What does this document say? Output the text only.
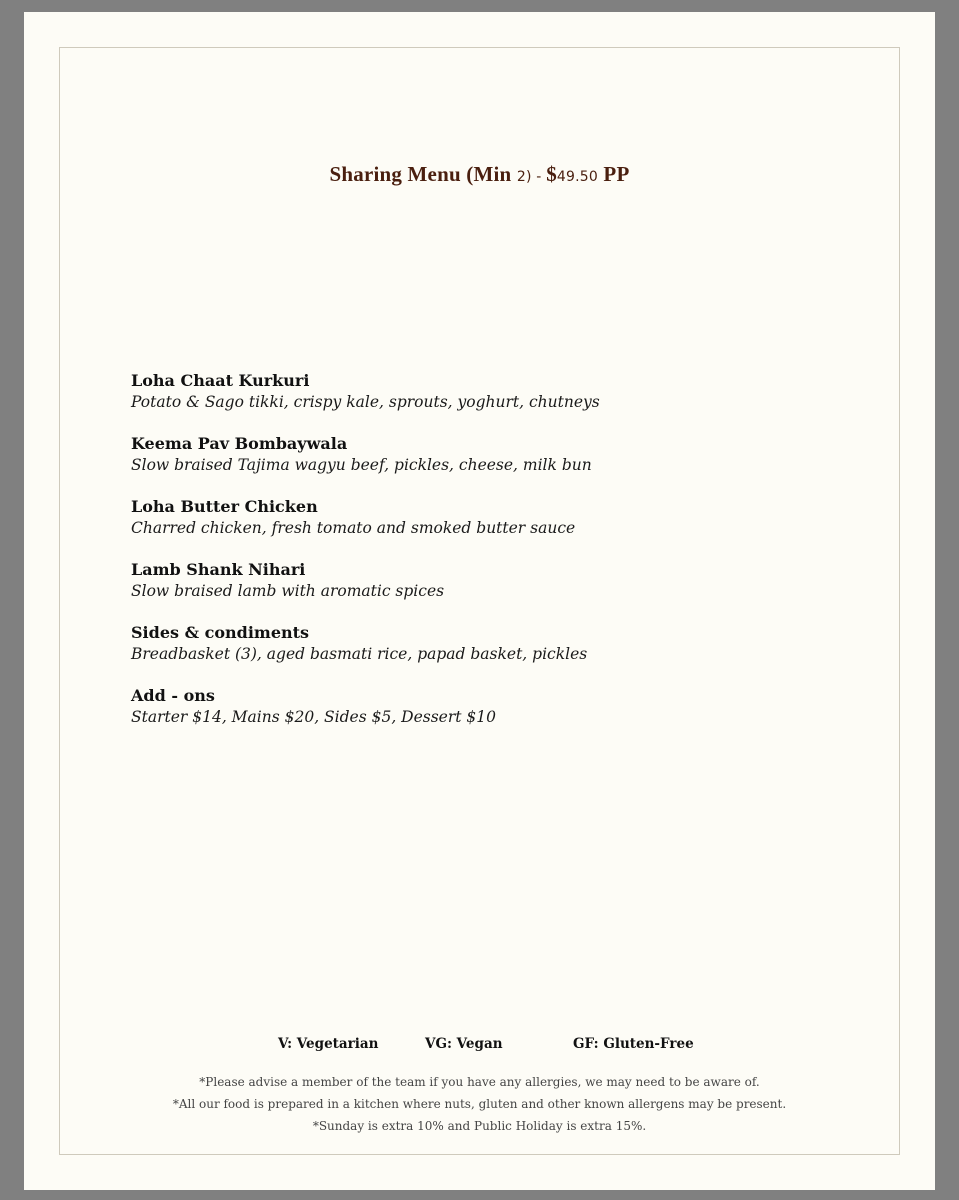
Sharing Menu (Min 2) - $49.50 PP
Loha Chaat Kurkuri
Potato & Sago tikki, crispy kale, sprouts, yoghurt, chutneys
Keema Pav Bombaywala
Slow braised Tajima wagyu beef, pickles, cheese, milk bun
Loha Butter Chicken
Charred chicken, fresh tomato and smoked butter sauce
Lamb Shank Nihari
Slow braised lamb with aromatic spices
Sides & condiments
Breadbasket (3), aged basmati rice, papad basket, pickles
Add - ons
Starter $14, Mains $20, Sides $5, Dessert $10
V: Vegetarian	VG: Vegan	GF: Gluten-Free
*Please advise a member of the team if you have any allergies, we may need to be aware of.
*All our food is prepared in a kitchen where nuts, gluten and other known allergens may be present.
*Sunday is extra 10% and Public Holiday is extra 15%.
